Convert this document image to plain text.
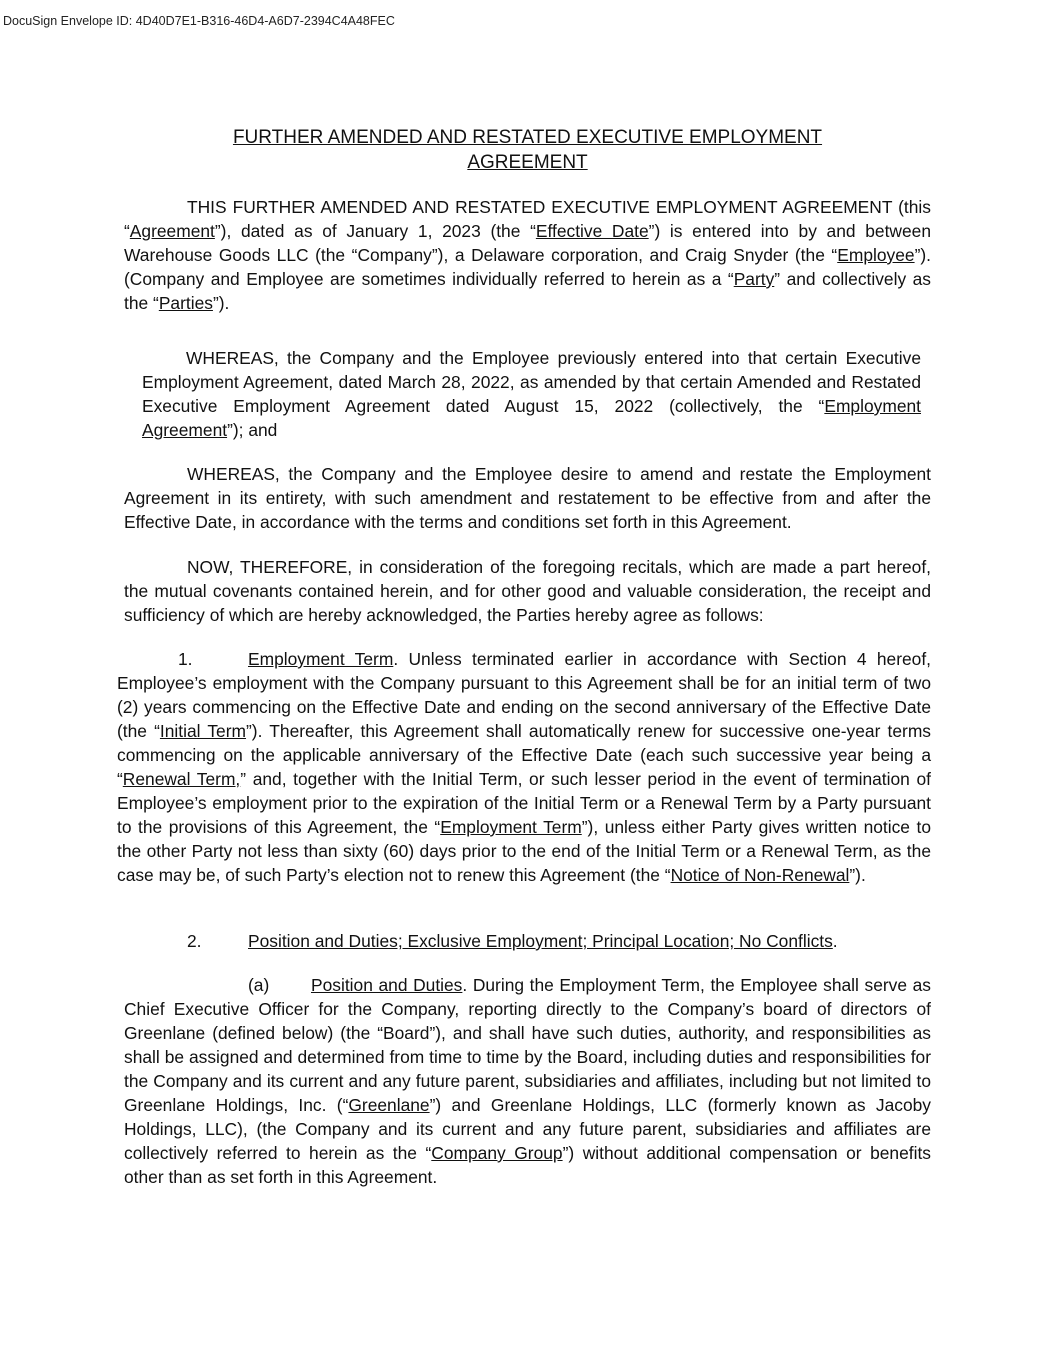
DocuSign Envelope ID: 4D40D7E1-B316-46D4-A6D7-2394C4A48FEC
FURTHER AMENDED AND RESTATED EXECUTIVE EMPLOYMENT
AGREEMENT

THIS FURTHER AMENDED AND RESTATED EXECUTIVE EMPLOYMENT AGREEMENT (this “Agreement”), dated as of January 1, 2023 (the “Effective Date”) is entered into by and between Warehouse Goods LLC (the “Company”), a Delaware corporation, and Craig Snyder (the “Employee”). (Company and Employee are sometimes individually referred to herein as a “Party” and collectively as the “Parties”).

WHEREAS, the Company and the Employee previously entered into that certain Executive Employment Agreement, dated March 28, 2022, as amended by that certain Amended and Restated Executive Employment Agreement dated August 15, 2022 (collectively, the “Employment Agreement”); and

WHEREAS, the Company and the Employee desire to amend and restate the Employment Agreement in its entirety, with such amendment and restatement to be effective from and after the Effective Date, in accordance with the terms and conditions set forth in this Agreement.

NOW, THEREFORE, in consideration of the foregoing recitals, which are made a part hereof, the mutual covenants contained herein, and for other good and valuable consideration, the receipt and sufficiency of which are hereby acknowledged, the Parties hereby agree as follows:

1.	Employment Term. Unless terminated earlier in accordance with Section 4 hereof, Employee’s employment with the Company pursuant to this Agreement shall be for an initial term of two (2) years commencing on the Effective Date and ending on the second anniversary of the Effective Date (the “Initial Term”). Thereafter, this Agreement shall automatically renew for successive one-year terms commencing on the applicable anniversary of the Effective Date (each such successive year being a “Renewal Term,” and, together with the Initial Term, or such lesser period in the event of termination of Employee’s employment prior to the expiration of the Initial Term or a Renewal Term by a Party pursuant to the provisions of this Agreement, the “Employment Term”), unless either Party gives written notice to the other Party not less than sixty (60) days prior to the end of the Initial Term or a Renewal Term, as the case may be, of such Party’s election not to renew this Agreement (the “Notice of Non-Renewal”).

2.	Position and Duties; Exclusive Employment; Principal Location; No Conflicts.

(a) Position and Duties. During the Employment Term, the Employee shall serve as Chief Executive Officer for the Company, reporting directly to the Company’s board of directors of Greenlane (defined below) (the “Board”), and shall have such duties, authority, and responsibilities as shall be assigned and determined from time to time by the Board, including duties and responsibilities for the Company and its current and any future parent, subsidiaries and affiliates, including but not limited to Greenlane Holdings, Inc. (“Greenlane”) and Greenlane Holdings, LLC (formerly known as Jacoby Holdings, LLC), (the Company and its current and any future parent, subsidiaries and affiliates are collectively referred to herein as the “Company Group”) without additional compensation or benefits other than as set forth in this Agreement.
